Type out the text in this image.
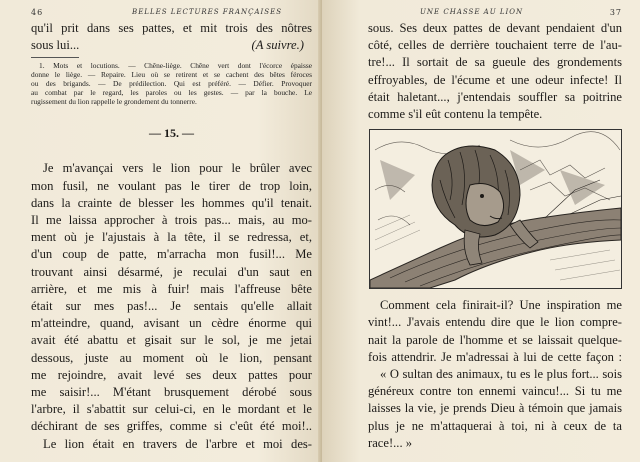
46	BELLES LECTURES FRANÇAISES
qu'il prit dans ses pattes, et mit trois des nôtres
sous lui...	(A suivre.)
1. Mots et locutions. — Chêne-liège. Chêne vert dont l'écorce épaisse
donne le liège. — Repaire. Lieu où se retirent et se cachent des bêtes féroces
ou des brigands. — De prédilection. Qui est préféré. — Défier. Provoquer
au combat par le regard, les paroles ou les gestes. — par la bouche. Le
rugissement du lion rappelle le grondement du tonnerre.
— 15. —
Je m'avançai vers le lion pour le brûler avec
mon fusil, ne voulant pas le tirer de trop loin,
dans la crainte de blesser les hommes qu'il tenait.
Il me laissa approcher à trois pas... mais, au mo-
ment où je l'ajustais à la tête, il se redressa, et,
d'un coup de patte, m'arracha mon fusil!... Me
trouvant ainsi désarmé, je reculai d'un saut en
arrière, et me mis à fuir! mais l'affreuse bête
était sur mes pas!... Je sentais qu'elle allait
m'atteindre, quand, avisant un cèdre énorme qui
avait été abattu et gisait sur le sol, je me jetai
dessous, juste au moment où le lion, pensant
me rejoindre, avait levé ses deux pattes pour
me saisir!... M'étant brusquement dérobé sous
l'arbre, il s'abattit sur celui-ci, en le mordant et le
déchirant de ses griffes, comme si c'eût été moi!..
Le lion était en travers de l'arbre et moi des-
UNE CHASSE AU LION	37
sous. Ses deux pattes de devant pendaient d'un
côté, celles de derrière touchaient terre de l'au-
tre!... Il sortait de sa gueule des grondements
effroyables, de l'écume et une odeur infecte! Il
était haletant..., j'entendais souffler sa poitrine
comme s'il eût contenu la tempête.
Comment cela finirait-il? Une inspiration me
vint!... J'avais entendu dire que le lion compre-
nait la parole de l'homme et se laissait quelque-
fois attendrir. Je m'adressai à lui de cette façon :
« O sultan des animaux, tu es le plus fort... sois
généreux contre ton ennemi vaincu!... Si tu me
laisses la vie, je prends Dieu à témoin que jamais
plus je ne m'attaquerai à toi, ni à ceux de ta
race!... »
